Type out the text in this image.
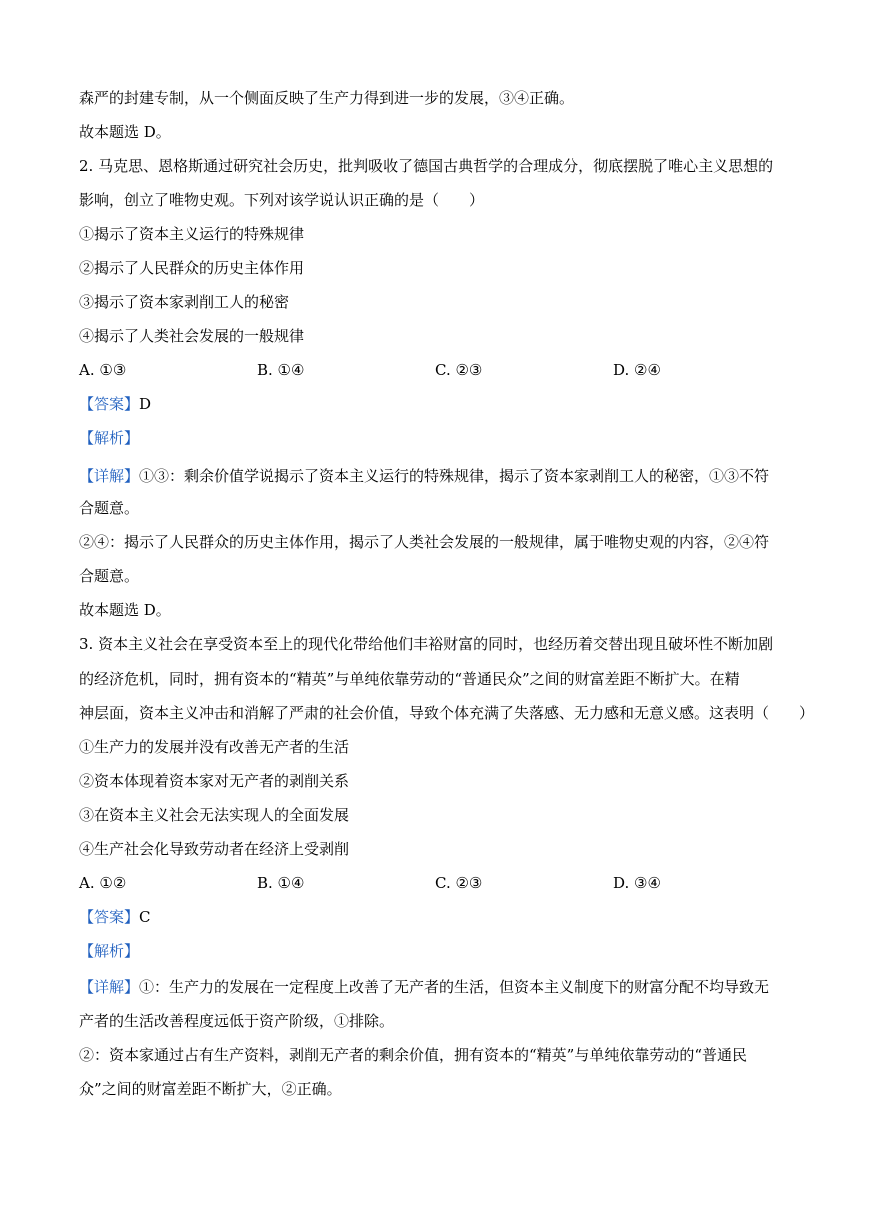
森严的封建专制，从一个侧面反映了生产力得到进一步的发展，③④正确。
故本题选 D。
2. 马克思、恩格斯通过研究社会历史，批判吸收了德国古典哲学的合理成分，彻底摆脱了唯心主义思想的
影响，创立了唯物史观。下列对该学说认识正确的是（　　）
①揭示了资本主义运行的特殊规律
②揭示了人民群众的历史主体作用
③揭示了资本家剥削工人的秘密
④揭示了人类社会发展的一般规律
A. ①③	B. ①④	C. ②③	D. ②④
【答案】D
【解析】
【详解】①③：剩余价值学说揭示了资本主义运行的特殊规律，揭示了资本家剥削工人的秘密，①③不符
合题意。
②④：揭示了人民群众的历史主体作用，揭示了人类社会发展的一般规律，属于唯物史观的内容，②④符
合题意。
故本题选 D。
3. 资本主义社会在享受资本至上的现代化带给他们丰裕财富的同时，也经历着交替出现且破坏性不断加剧
的经济危机，同时，拥有资本的“精英”与单纯依靠劳动的“普通民众”之间的财富差距不断扩大。在精
神层面，资本主义冲击和消解了严肃的社会价值，导致个体充满了失落感、无力感和无意义感。这表明（　　）
①生产力的发展并没有改善无产者的生活
②资本体现着资本家对无产者的剥削关系
③在资本主义社会无法实现人的全面发展
④生产社会化导致劳动者在经济上受剥削
A. ①②	B. ①④	C. ②③	D. ③④
【答案】C
【解析】
【详解】①：生产力的发展在一定程度上改善了无产者的生活，但资本主义制度下的财富分配不均导致无
产者的生活改善程度远低于资产阶级，①排除。
②：资本家通过占有生产资料，剥削无产者的剩余价值，拥有资本的“精英”与单纯依靠劳动的“普通民
众”之间的财富差距不断扩大，②正确。
